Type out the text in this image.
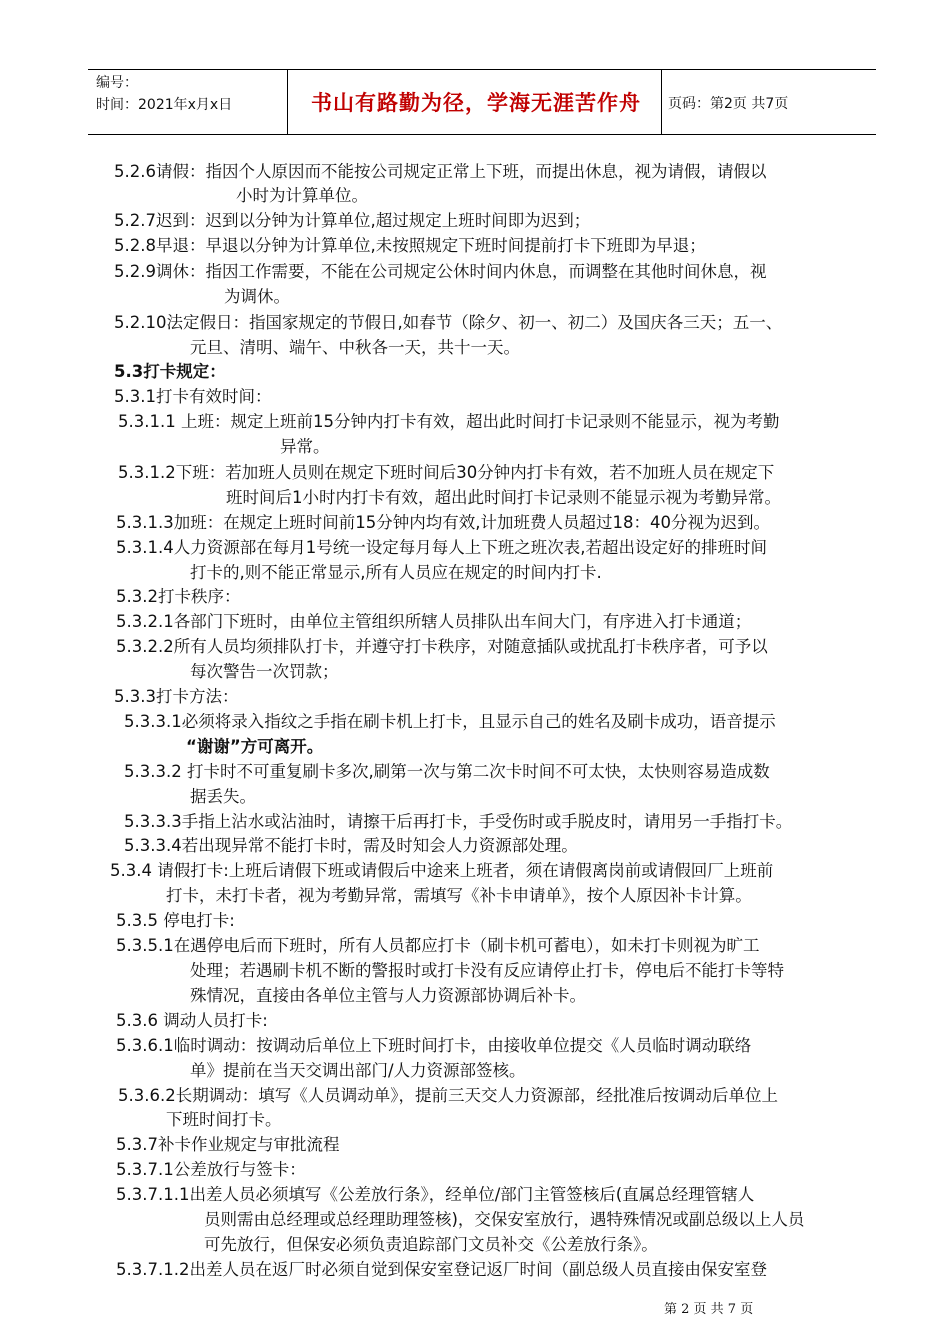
编号：
时间：2021年x月x日	书山有路勤为径，学海无涯苦作舟	页码：第2页 共7页
5.2.6请假：指因个人原因而不能按公司规定正常上下班，而提出休息，视为请假，请假以
小时为计算单位。
5.2.7迟到：迟到以分钟为计算单位,超过规定上班时间即为迟到；
5.2.8早退：早退以分钟为计算单位,未按照规定下班时间提前打卡下班即为早退；
5.2.9调休：指因工作需要，不能在公司规定公休时间内休息，而调整在其他时间休息，视
为调休。
5.2.10法定假日：指国家规定的节假日,如春节（除夕、初一、初二）及国庆各三天；五一、
元旦、清明、端午、中秋各一天，共十一天。
5.3打卡规定：
5.3.1打卡有效时间：
5.3.1.1 上班：规定上班前15分钟内打卡有效，超出此时间打卡记录则不能显示，视为考勤
异常。
5.3.1.2下班：若加班人员则在规定下班时间后30分钟内打卡有效，若不加班人员在规定下
班时间后1小时内打卡有效，超出此时间打卡记录则不能显示视为考勤异常。
5.3.1.3加班：在规定上班时间前15分钟内均有效,计加班费人员超过18：40分视为迟到。
5.3.1.4人力资源部在每月1号统一设定每月每人上下班之班次表,若超出设定好的排班时间
打卡的,则不能正常显示,所有人员应在规定的时间内打卡.
5.3.2打卡秩序：
5.3.2.1各部门下班时，由单位主管组织所辖人员排队出车间大门，有序进入打卡通道；
5.3.2.2所有人员均须排队打卡，并遵守打卡秩序，对随意插队或扰乱打卡秩序者，可予以
每次警告一次罚款；
5.3.3打卡方法：
5.3.3.1必须将录入指纹之手指在刷卡机上打卡，且显示自己的姓名及刷卡成功，语音提示
“谢谢”方可离开。
5.3.3.2 打卡时不可重复刷卡多次,刷第一次与第二次卡时间不可太快，太快则容易造成数
据丢失。
5.3.3.3手指上沾水或沾油时，请擦干后再打卡，手受伤时或手脱皮时，请用另一手指打卡。
5.3.3.4若出现异常不能打卡时，需及时知会人力资源部处理。
5.3.4 请假打卡:上班后请假下班或请假后中途来上班者，须在请假离岗前或请假回厂上班前
打卡，未打卡者，视为考勤异常，需填写《补卡申请单》，按个人原因补卡计算。
5.3.5 停电打卡:
5.3.5.1在遇停电后而下班时，所有人员都应打卡（刷卡机可蓄电），如未打卡则视为旷工
处理；若遇刷卡机不断的警报时或打卡没有反应请停止打卡，停电后不能打卡等特
殊情况，直接由各单位主管与人力资源部协调后补卡。
5.3.6 调动人员打卡:
5.3.6.1临时调动：按调动后单位上下班时间打卡，由接收单位提交《人员临时调动联络
单》提前在当天交调出部门/人力资源部签核。
5.3.6.2长期调动：填写《人员调动单》，提前三天交人力资源部，经批准后按调动后单位上
下班时间打卡。
5.3.7补卡作业规定与审批流程
5.3.7.1公差放行与签卡：
5.3.7.1.1出差人员必须填写《公差放行条》，经单位/部门主管签核后(直属总经理管辖人
员则需由总经理或总经理助理签核)，交保安室放行，遇特殊情况或副总级以上人员
可先放行，但保安必须负责追踪部门文员补交《公差放行条》。
5.3.7.1.2出差人员在返厂时必须自觉到保安室登记返厂时间（副总级人员直接由保安室登
第 2 页 共 7 页
